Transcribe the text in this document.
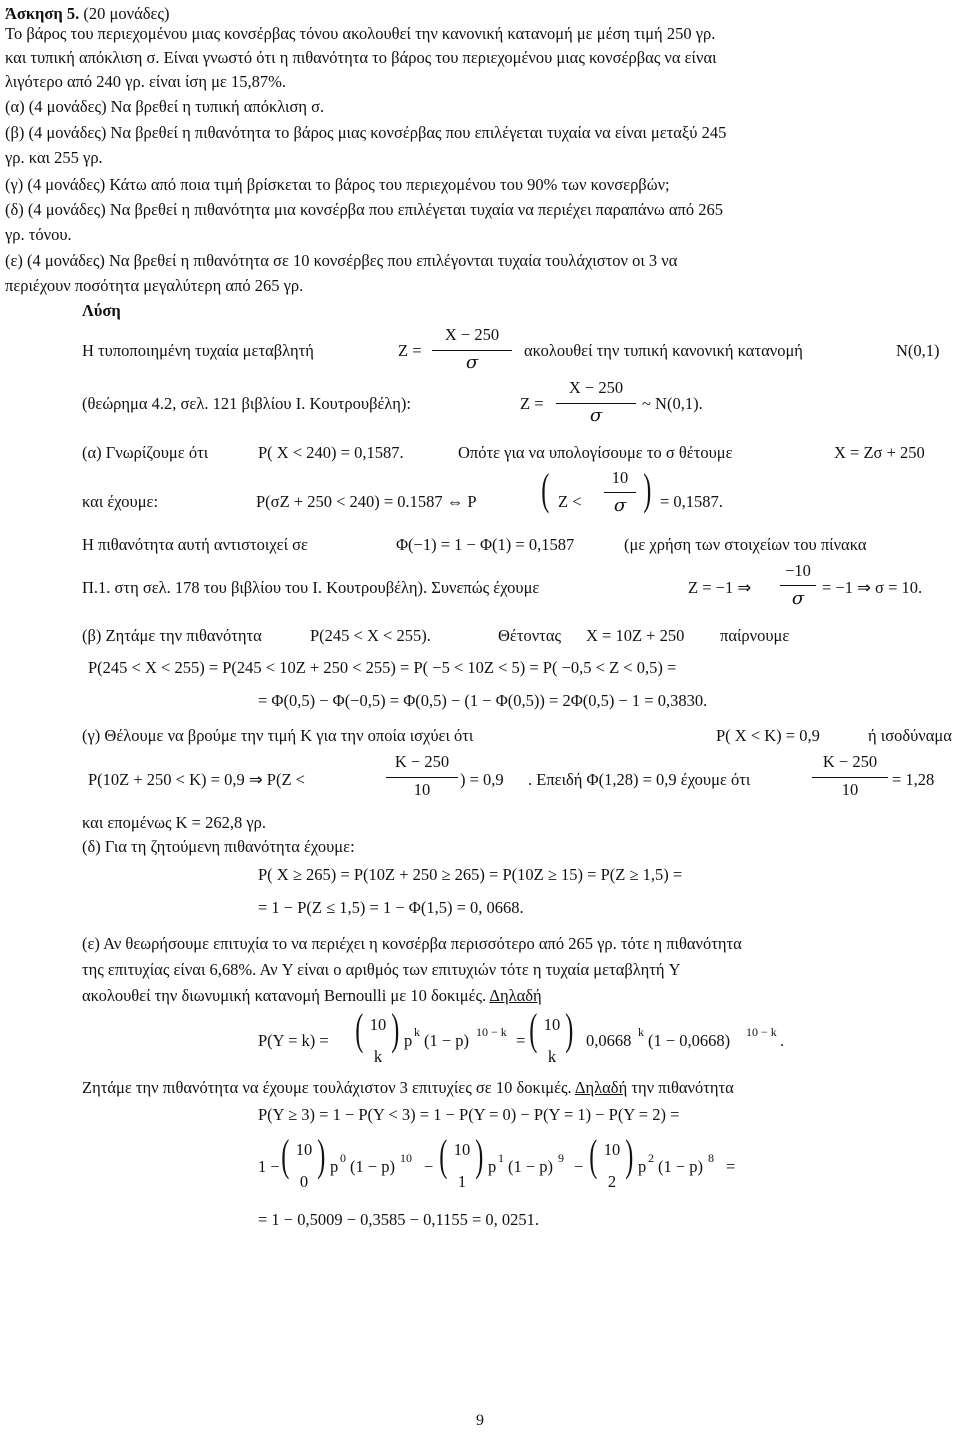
Άσκηση 5. (20 μονάδες)
Το βάρος του περιεχομένου μιας κονσέρβας τόνου ακολουθεί την κανονική κατανομή με μέση τιμή 250 γρ.
και τυπική απόκλιση σ. Είναι γνωστό ότι η πιθανότητα το βάρος του περιεχομένου μιας κονσέρβας να είναι
λιγότερο από 240 γρ. είναι ίση με 15,87%.
(α) (4 μονάδες) Να βρεθεί η τυπική απόκλιση σ.
(β) (4 μονάδες) Να βρεθεί η πιθανότητα το βάρος μιας κονσέρβας που επιλέγεται τυχαία να είναι μεταξύ 245
γρ. και 255 γρ.
(γ) (4 μονάδες) Κάτω από ποια τιμή βρίσκεται το βάρος του περιεχομένου του 90% των κονσερβών;
(δ) (4 μονάδες) Να βρεθεί η πιθανότητα μια κονσέρβα που επιλέγεται τυχαία να περιέχει παραπάνω από 265
γρ. τόνου.
(ε) (4 μονάδες) Να βρεθεί η πιθανότητα σε 10 κονσέρβες που επιλέγονται τυχαία τουλάχιστον οι 3 να
περιέχουν ποσότητα μεγαλύτερη από 265 γρ.
Λύση
Η τυποποιημένη τυχαία μεταβλητή	Z =
X − 250
σ
ακολουθεί την τυπική κανονική κατανομή	N(0,1)
(θεώρημα 4.2, σελ. 121 βιβλίου Ι. Κουτρουβέλη):	Z =
X − 250
σ
~ N(0,1).
(α) Γνωρίζουμε ότι	P( X < 240) = 0,1587.	Οπότε για να υπολογίσουμε το σ θέτουμε	X = Zσ + 250
και έχουμε:	P(σZ + 250 < 240) = 0.1587 ⇔ P ( Z <
10
σ ) = 0,1587.
Η πιθανότητα αυτή αντιστοιχεί σε	Φ(−1) = 1 − Φ(1) = 0,1587	(με χρήση των στοιχείων του πίνακα
Π.1. στη σελ. 178 του βιβλίου του Ι. Κουτρουβέλη). Συνεπώς έχουμε	Z = −1 ⇒
−10
σ
= −1 ⇒ σ = 10.
(β) Ζητάμε την πιθανότητα	P(245 < X < 255).	Θέτοντας X = 10Z + 250 παίρνουμε
P(245 < X < 255) = P(245 < 10Z + 250 < 255) = P( −5 < 10Z < 5) = P( −0,5 < Z < 0,5) =
= Φ(0,5) − Φ(−0,5) = Φ(0,5) − (1 − Φ(0,5)) = 2Φ(0,5) − 1 = 0,3830.
(γ) Θέλουμε να βρούμε την τιμή K για την οποία ισχύει ότι	P( X < K) = 0,9	ή ισοδύναμα
P(10Z + 250 < K) = 0,9 ⇒ P(Z <
K − 250
10
) = 0,9 . Επειδή Φ(1,28) = 0,9 έχουμε ότι
K − 250
10
= 1,28
και επομένως K = 262,8 γρ.
(δ) Για τη ζητούμενη πιθανότητα έχουμε:
P( X ≥ 265) = P(10Z + 250 ≥ 265) = P(10Z ≥ 15) = P(Z ≥ 1,5) =
= 1 − P(Z ≤ 1,5) = 1 − Φ(1,5) = 0, 0668.
(ε) Αν θεωρήσουμε επιτυχία το να περιέχει η κονσέρβα περισσότερο από 265 γρ. τότε η πιθανότητα
της επιτυχίας είναι 6,68%. Αν Y είναι ο αριθμός των επιτυχιών τότε η τυχαία μεταβλητή Y
ακολουθεί την διωνυμική κατανομή Bernoulli με 10 δοκιμές. Δηλαδή
P(Y = k) = ( 10
k
) p k (1 − p) 10 − k = ( 10
k
) 0,0668 k (1 − 0,0668) 10 − k .
Ζητάμε την πιθανότητα να έχουμε τουλάχιστον 3 επιτυχίες σε 10 δοκιμές. Δηλαδή την πιθανότητα
P(Y ≥ 3) = 1 − P(Y < 3) = 1 − P(Y = 0) − P(Y = 1) − P(Y = 2) =
1 − ( 10
0
) p 0 (1 − p) 10 − ( 10
1
) p 1 (1 − p) 9 − ( 10
2
) p 2 (1 − p) 8 =
= 1 − 0,5009 − 0,3585 − 0,1155 = 0, 0251.
9
